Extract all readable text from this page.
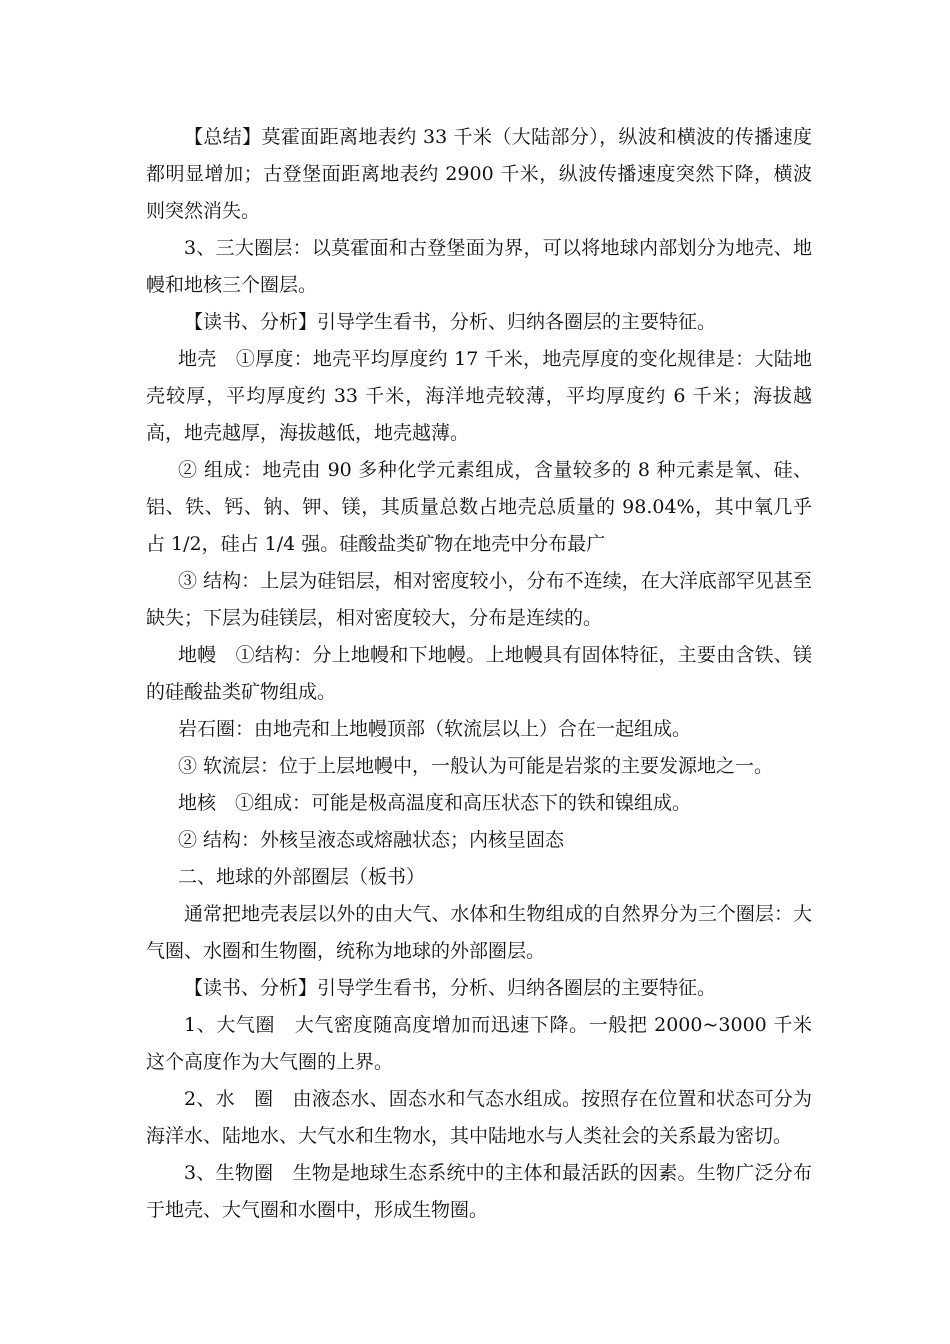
【总结】莫霍面距离地表约 33 千米（大陆部分），纵波和横波的传播速度都明显增加；古登堡面距离地表约 2900 千米，纵波传播速度突然下降，横波则突然消失。

3、三大圈层：以莫霍面和古登堡面为界，可以将地球内部划分为地壳、地幔和地核三个圈层。

【读书、分析】引导学生看书，分析、归纳各圈层的主要特征。

地壳　①厚度：地壳平均厚度约 17 千米，地壳厚度的变化规律是：大陆地壳较厚，平均厚度约 33 千米，海洋地壳较薄，平均厚度约 6 千米；海拔越高，地壳越厚，海拔越低，地壳越薄。

② 组成：地壳由 90 多种化学元素组成，含量较多的 8 种元素是氧、硅、铝、铁、钙、钠、钾、镁，其质量总数占地壳总质量的 98.04%，其中氧几乎占 1/2，硅占 1/4 强。硅酸盐类矿物在地壳中分布最广

③ 结构：上层为硅铝层，相对密度较小，分布不连续，在大洋底部罕见甚至缺失；下层为硅镁层，相对密度较大，分布是连续的。

地幔　①结构：分上地幔和下地幔。上地幔具有固体特征，主要由含铁、镁的硅酸盐类矿物组成。

岩石圈：由地壳和上地幔顶部（软流层以上）合在一起组成。

③ 软流层：位于上层地幔中，一般认为可能是岩浆的主要发源地之一。

地核　①组成：可能是极高温度和高压状态下的铁和镍组成。

② 结构：外核呈液态或熔融状态；内核呈固态

二、地球的外部圈层（板书）

通常把地壳表层以外的由大气、水体和生物组成的自然界分为三个圈层：大气圈、水圈和生物圈，统称为地球的外部圈层。

【读书、分析】引导学生看书，分析、归纳各圈层的主要特征。

1、大气圈　大气密度随高度增加而迅速下降。一般把 2000~3000 千米这个高度作为大气圈的上界。

2、水　圈　由液态水、固态水和气态水组成。按照存在位置和状态可分为海洋水、陆地水、大气水和生物水，其中陆地水与人类社会的关系最为密切。

3、生物圈　生物是地球生态系统中的主体和最活跃的因素。生物广泛分布于地壳、大气圈和水圈中，形成生物圈。
